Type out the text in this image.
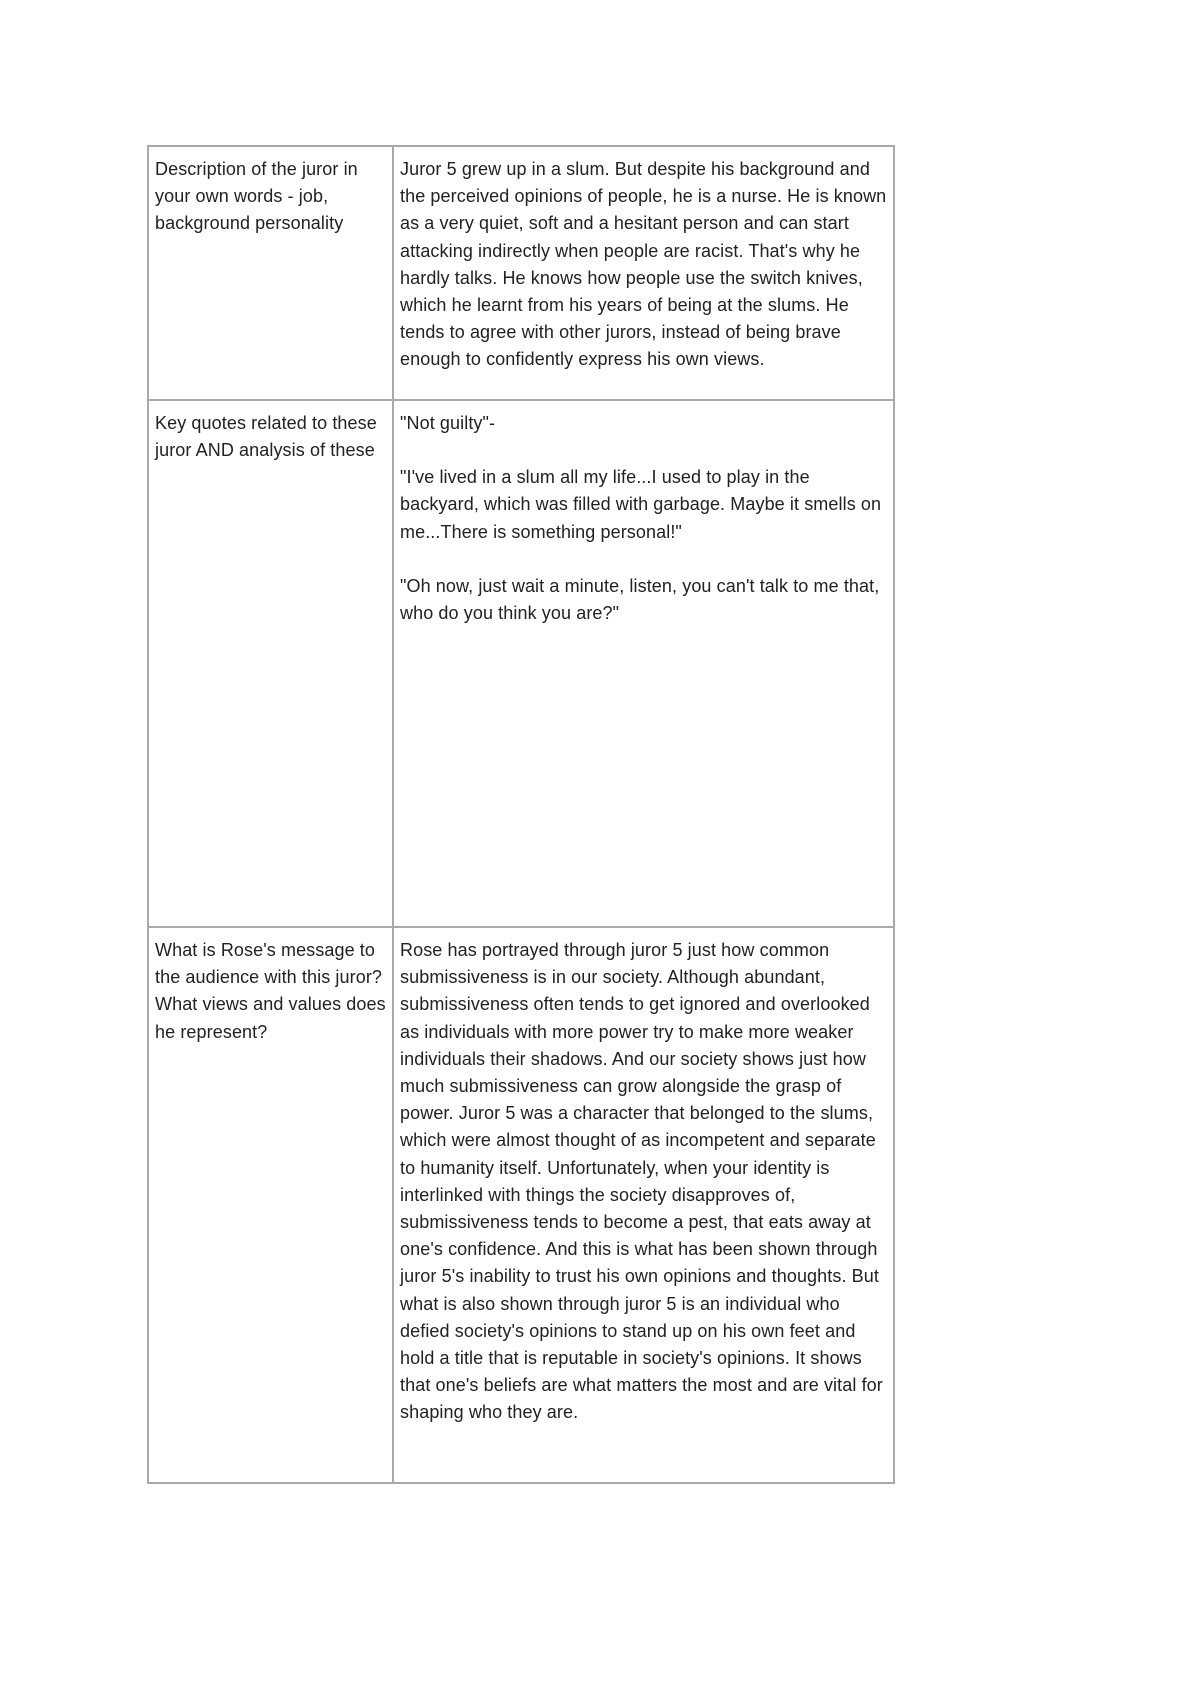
Description of the juror in your own words - job, background personality	Juror 5 grew up in a slum. But despite his background and the perceived opinions of people, he is a nurse. He is known as a very quiet, soft and a hesitant person and can start attacking indirectly when people are racist. That's why he hardly talks. He knows how people use the switch knives, which he learnt from his years of being at the slums. He tends to agree with other jurors, instead of being brave enough to confidently express his own views.

Key quotes related to these juror AND analysis of these	"Not guilty"-

"I've lived in a slum all my life...I used to play in the backyard, which was filled with garbage. Maybe it smells on me...There is something personal!"

"Oh now, just wait a minute, listen, you can't talk to me that, who do you think you are?"

What is Rose's message to the audience with this juror? What views and values does he represent?	Rose has portrayed through juror 5 just how common submissiveness is in our society. Although abundant, submissiveness often tends to get ignored and overlooked as individuals with more power try to make more weaker individuals their shadows. And our society shows just how much submissiveness can grow alongside the grasp of power. Juror 5 was a character that belonged to the slums, which were almost thought of as incompetent and separate to humanity itself. Unfortunately, when your identity is interlinked with things the society disapproves of, submissiveness tends to become a pest, that eats away at one's confidence. And this is what has been shown through juror 5's inability to trust his own opinions and thoughts. But what is also shown through juror 5 is an individual who defied society's opinions to stand up on his own feet and hold a title that is reputable in society's opinions. It shows that one's beliefs are what matters the most and are vital for shaping who they are.
